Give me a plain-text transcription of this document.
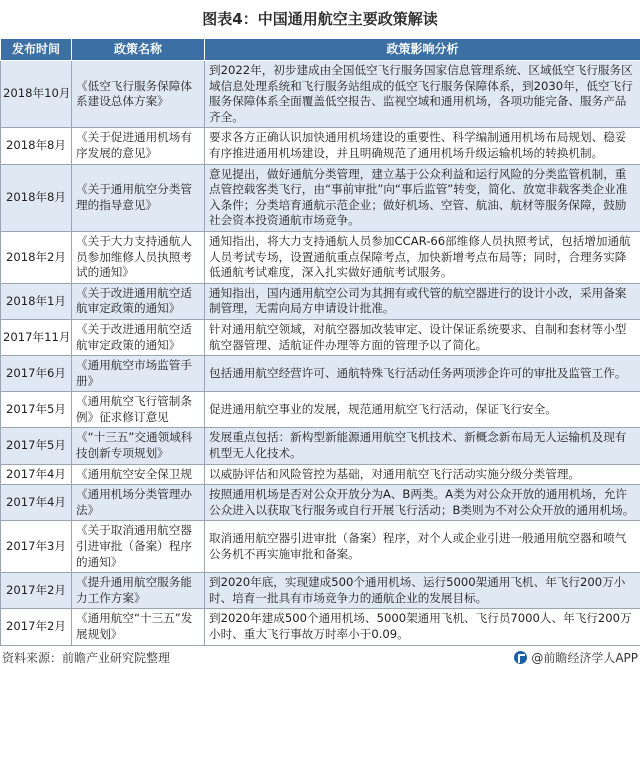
图表4：中国通用航空主要政策解读
发布时间	政策名称	政策影响分析
2018年10月	《低空飞行服务保障体系建设总体方案》	到2022年，初步建成由全国低空飞行服务国家信息管理系统、区域低空飞行服务区域信息处理系统和飞行服务站组成的低空飞行服务保障体系，到2030年，低空飞行服务保障体系全面覆盖低空报告、监视空域和通用机场，各项功能完备、服务产品齐全。
2018年8月	《关于促进通用机场有序发展的意见》	要求各方正确认识加快通用机场建设的重要性、科学编制通用机场布局规划、稳妥有序推进通用机场建设，并且明确规范了通用机场升级运输机场的转换机制。
2018年8月	《关于通用航空分类管理的指导意见》	意见提出，做好通航分类管理，建立基于公众利益和运行风险的分类监管机制，重点管控载客类飞行，由“事前审批”向“事后监管”转变，简化、放宽非载客类企业准入条件；分类培育通航示范企业；做好机场、空管、航油、航材等服务保障，鼓励社会资本投资通航市场竞争。
2018年2月	《关于大力支持通航人员参加维修人员执照考试的通知》	通知指出，将大力支持通航人员参加CCAR-66部维修人员执照考试，包括增加通航人员考试专场，设置通航重点保障考点，加快新增考点布局等；同时，合理务实降低通航考试难度，深入扎实做好通航考试服务。
2018年1月	《关于改进通用航空适航审定政策的通知》	通知指出，国内通用航空公司为其拥有或代管的航空器进行的设计小改，采用备案制管理，无需向局方申请设计批准。
2017年11月	《关于改进通用航空适航审定政策的通知》	针对通用航空领域，对航空器加改装审定、设计保证系统要求、自制和套材等小型航空器管理、适航证件办理等方面的管理予以了简化。
2017年6月	《通用航空市场监管手册》	包括通用航空经营许可、通航特殊飞行活动任务两项涉企许可的审批及监管工作。
2017年5月	《通用航空飞行管制条例》征求修订意见	促进通用航空事业的发展，规范通用航空飞行活动，保证飞行安全。
2017年5月	《“十三五”交通领域科技创新专项规划》	发展重点包括：新构型新能源通用航空飞机技术、新概念新布局无人运输机及现有机型无人化技术。
2017年4月	《通用航空安全保卫规	以威胁评估和风险管控为基础，对通用航空飞行活动实施分级分类管理。
2017年4月	《通用机场分类管理办法》	按照通用机场是否对公众开放分为A、B两类。A类为对公众开放的通用机场，允许公众进入以获取飞行服务或自行开展飞行活动；B类则为不对公众开放的通用机场。
2017年3月	《关于取消通用航空器引进审批（备案）程序的通知》	取消通用航空器引进审批（备案）程序，对个人或企业引进一般通用航空器和喷气公务机不再实施审批和备案。
2017年2月	《提升通用航空服务能力工作方案》	到2020年底，实现建成500个通用机场、运行5000架通用飞机、年飞行200万小时、培育一批具有市场竞争力的通航企业的发展目标。
2017年2月	《通用航空“十三五”发展规划》	到2020年建成500个通用机场、5000架通用飞机、飞行员7000人、年飞行200万小时、重大飞行事故万时率小于0.09。
资料来源：前瞻产业研究院整理	@前瞻经济学人APP
